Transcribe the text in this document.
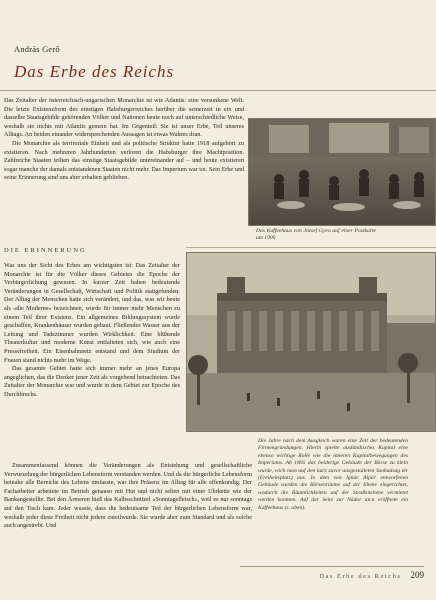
András Gerő
Das Erbe des Reichs

Das Zeitalter der österreichisch-ungarischen Monarchie ist wie Atlantis: eine versunkene Welt. Die letzte Existenzform des einstigen Habsburgerreiches herüber die seinerzeit in ein und dasselbe Staatsgebilde gehörenden Völker und Nationen heute noch auf unterschiedliche Weise, weshalb sie nichts mit Atlantis gemein hat. Im Gegenteil: Sie ist unser Erbe, Teil unseres Alltags. An beiden einander widersprechenden Aussagen ist etwas Wahres dran.

Die Monarchie als territoriale Einheit und als politische Struktur hatte 1918 aufgehört zu existieren. Nach mehreren Jahrhunderten verloren die Habsburger ihre Machtposition. Zahlreiche Staaten teilten das einstige Staatsgebilde untereinander auf – und heute existieren sogar manche der damals entstandenen Staaten nicht mehr. Das Imperium war tot. Sein Erbe und seine Erinnerung sind uns aber erhalten geblieben.

Das Kaffeehaus von József Gyeo auf einer Postkarte um 1900
DIE ERINNERUNG

Was uns der Sicht des Erbes am wichtigsten ist: Das Zeitalter der Monarchie ist für die Völker dieses Gebietes die Epoche der Verbürgerlichung gewesen. In kurzer Zeit haben bedeutende Veränderungen in Gesellschaft, Wirtschaft und Politik stattgefunden: Der Alltag der Menschen hatte sich verändert, und das, was wir heute als «die Moderne» bezeichnen, wurde für immer mehr Menschen zu einem Teil ihrer Existenz. Ein allgemeines Bildungssystem wurde geschaffen, Krankenhäuser wurden gebaut. Fließendes Wasser aus der Leitung und Tadezimmer wurden Wirklichkeit. Eine blühende Theaterkultur und moderne Kunst entfalteten sich, wie auch eine Pressefreiheit. Ein Eisenbahnnetz entstand und dem Studium der Frauen stand nichts mehr im Wege.

Das gesamte Gebiet hatte sich immer mehr an jenes Europa angeglichen, das die Denker jener Zeit als vorgebend betrachteten. Das Zeitalter der Monarchie war und wurde in dem Gebiet zur Epoche des Durchbruchs.

Die Jahre nach dem Ausgleich waren eine Zeit der bedeutenden Firmengründungen. Hierin spielte ausländisches Kapital eine ebenso wichtige Rolle wie die inneren Kapitalbewegungen des Imperiums. Ab 1895 das beiderige Gebäude der Börse zu klein wurde, wich man auf den kurz zuvor ausgestalteten Szabadság tér (Freiheitsplatz) aus. In dem von Ignác Alpár entworfenen Gebäude wurden die Börsenräume auf der Ebene eingerichtet, wodurch die Räumlichkeiten auf der Straßenebene vermietet werden konnten. Auf der Seite zur Nádor utca eröffnete ein Kaffeehaus (s. oben).

Zusammenfassend können die Veränderungen als Entstehung und gesellschaftliche Verwurzelung der bürgerlichen Lebensform verstanden werden. Und da die bürgerliche Lebensform beinahe alle Bereiche des Lebens umfasste, war ihre Präsenz im Alltag für alle offenkundig. Der Facharbeiter arbeitete im Betrieb genauso mit Hut und nicht selten mit einer Uhrkette wie der Bankangestellte. Bei den Ärmeren hieß das Kalbsschnitzel «Sonntagsfleisch», weil es nur sonntags auf den Tisch kam. Jeder wusste, dass die bedeutsame Teil der bürgerlichen Lebensform war, weshalb jeder diese Freiheit nicht jedem zuteilwurde. Sie wurde aber zum Standard und als solche auch angestrebt. Und

Das Erbe des Reichs 209
